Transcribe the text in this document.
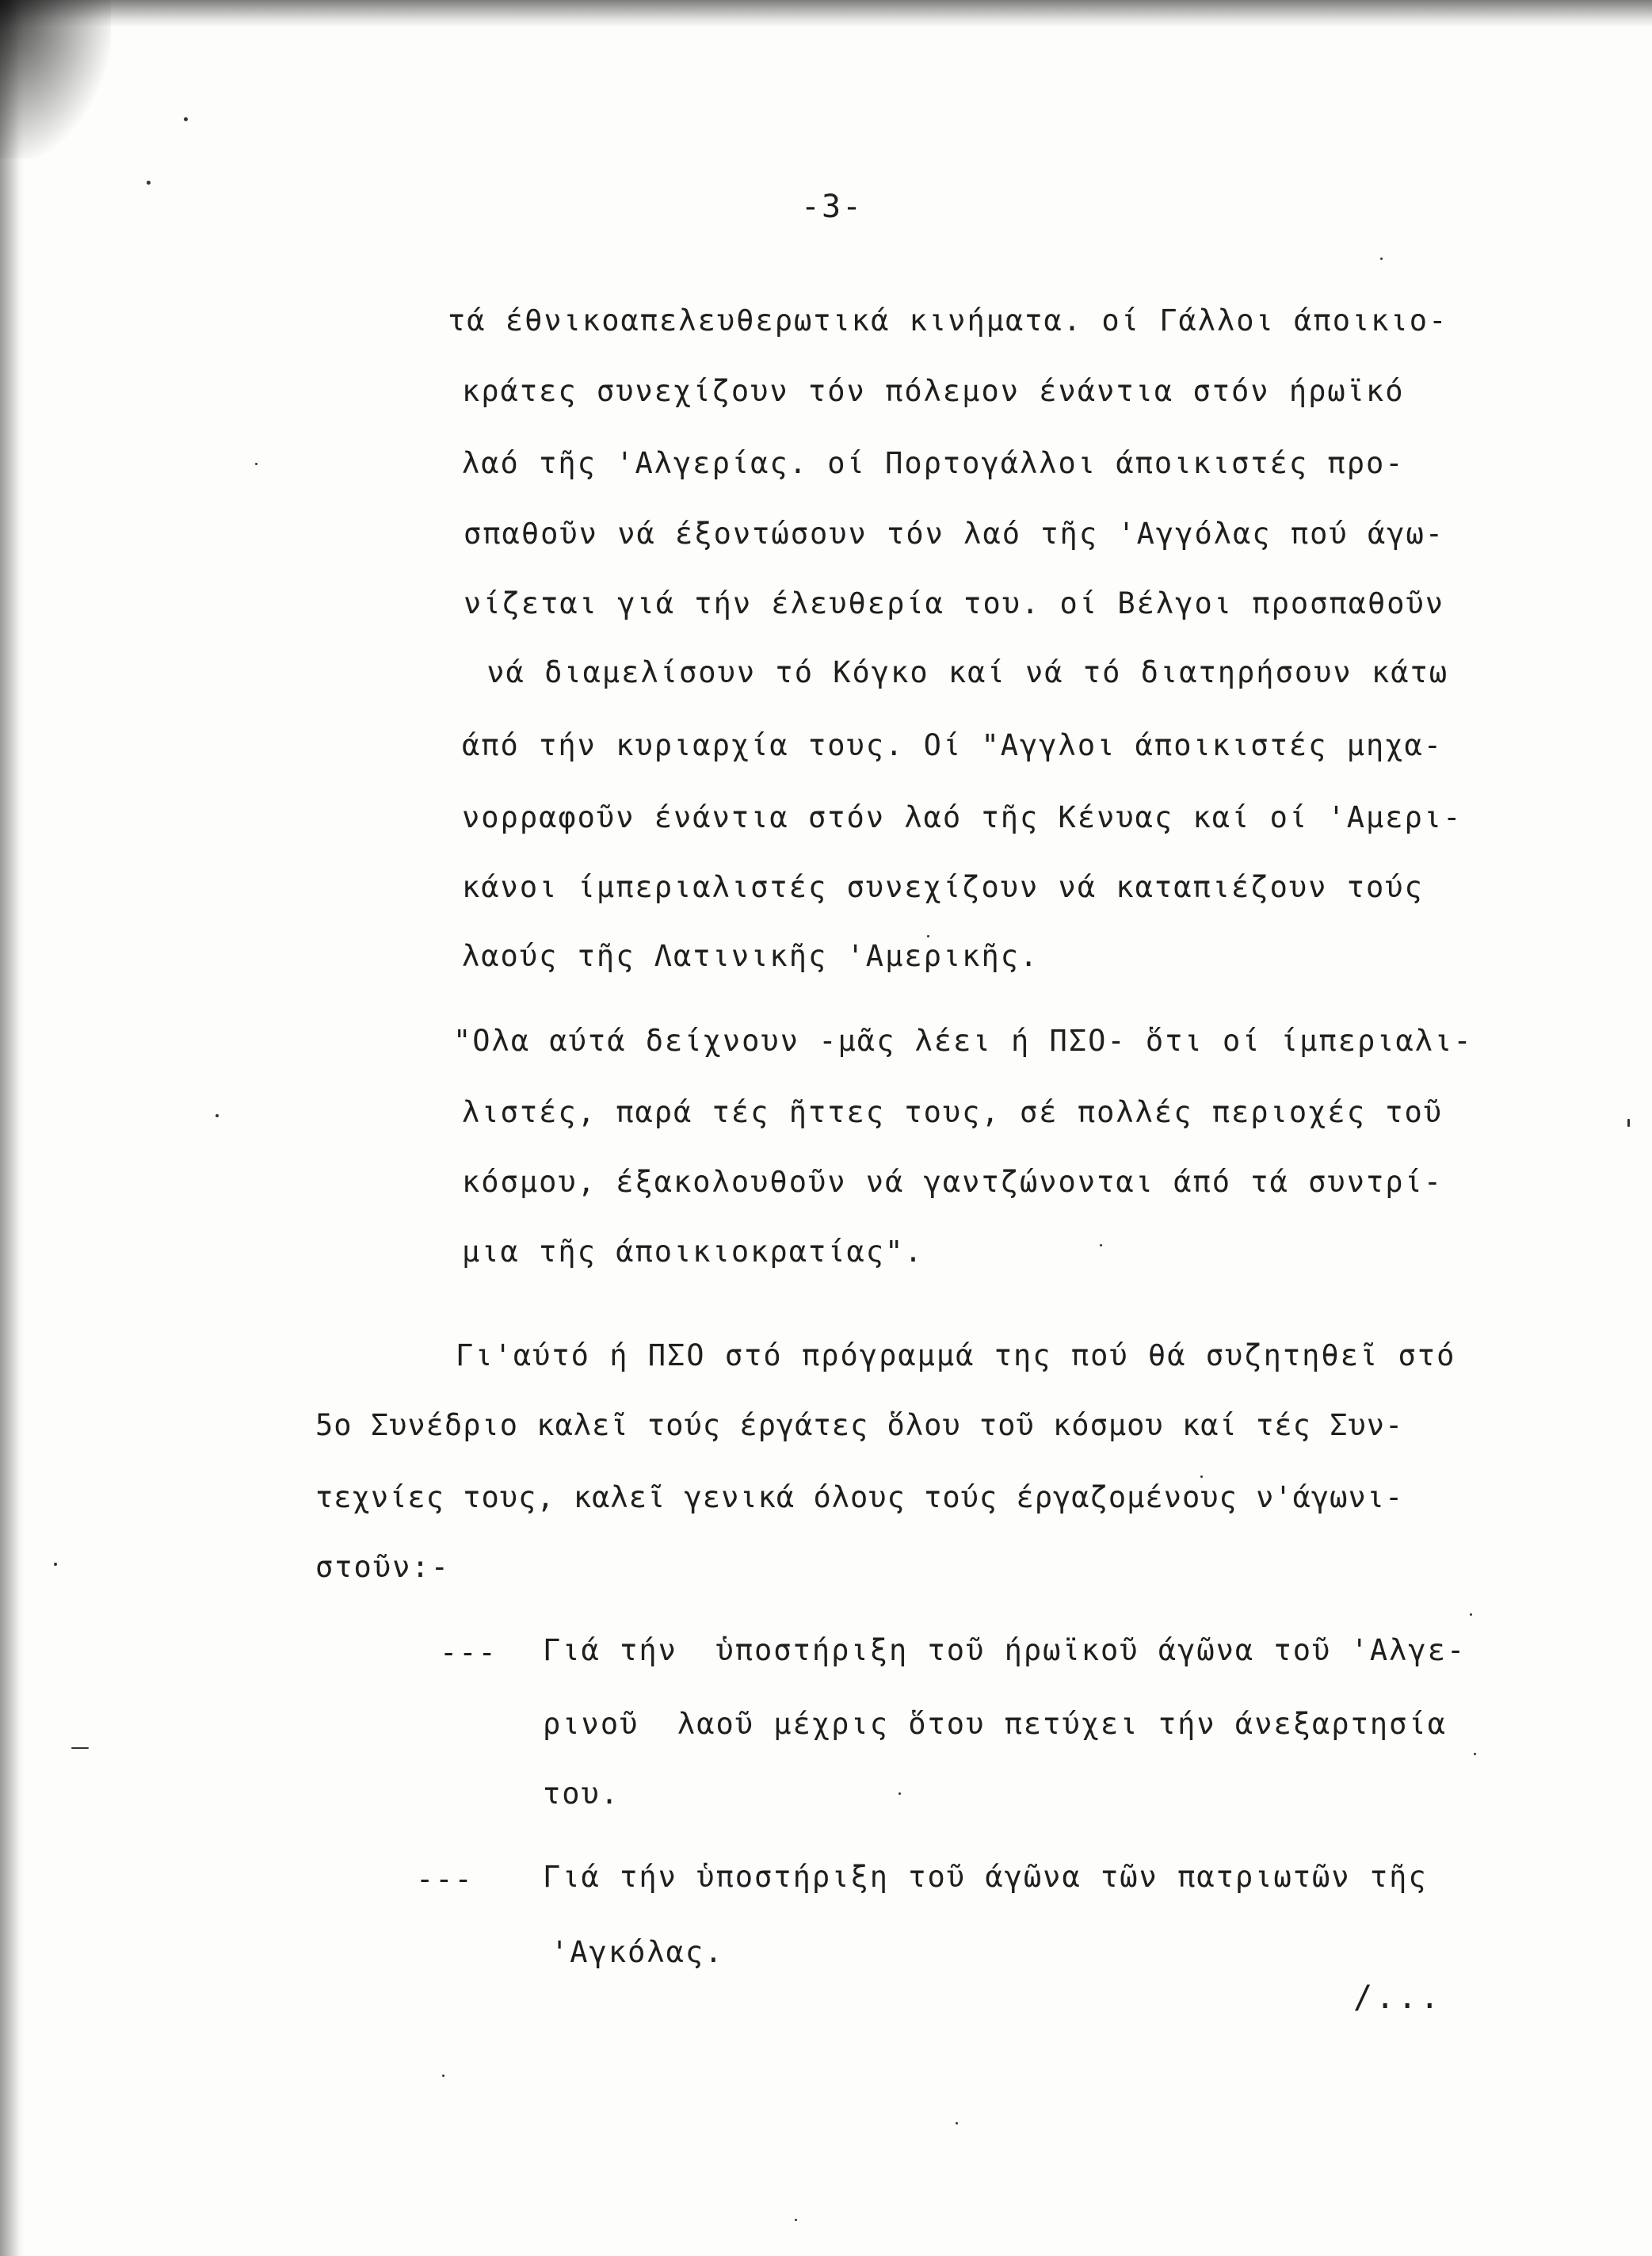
-3-
τά έθνικοαπελευθερωτικά κινήματα. οί Γάλλοι άποικιο-
κράτες συνεχίζουν τόν πόλεμον ένάντια στόν ήρωϊκό
λαό τῆς 'Αλγερίας. οί Πορτογάλλοι άποικιστές προ-
σπαθοῦν νά έξοντώσουν τόν λαό τῆς 'Αγγόλας πού άγω-
νίζεται γιά τήν έλευθερία του. οί Βέλγοι προσπαθοῦν
νά διαμελίσουν τό Κόγκο καί νά τό διατηρήσουν κάτω
άπό τήν κυριαρχία τους. Οί "Αγγλοι άποικιστές μηχα-
νορραφοῦν ένάντια στόν λαό τῆς Κένυας καί οί 'Αμερι-
κάνοι ίμπεριαλιστές συνεχίζουν νά καταπιέζουν τούς
λαούς τῆς Λατινικῆς 'Αμερικῆς.
"Ολα αύτά δείχνουν -μᾶς λέει ή ΠΣΟ- ὅτι οί ίμπεριαλι-
λιστές, παρά τές ῆττες τους, σέ πολλές περιοχές τοῦ
κόσμου, έξακολουθοῦν νά γαντζώνονται άπό τά συντρί-
μια τῆς άποικιοκρατίας".
Γι'αύτό ή ΠΣΟ στό πρόγραμμά της πού θά συζητηθεῖ στό
5ο Συνέδριο καλεῖ τούς έργάτες ὅλου τοῦ κόσμου καί τές Συν-
τεχνίες τους, καλεῖ γενικά όλους τούς έργαζομένους ν'άγωνι-
στοῦν:-
--- Γιά τήν  ὑποστήριξη τοῦ ήρωϊκοῦ άγῶνα τοῦ 'Αλγε-
ρινοῦ  λαοῦ μέχρις ὅτου πετύχει τήν άνεξαρτησία
του.
--- Γιά τήν ὑποστήριξη τοῦ άγῶνα τῶν πατριωτῶν τῆς
'Αγκόλας.
/...
